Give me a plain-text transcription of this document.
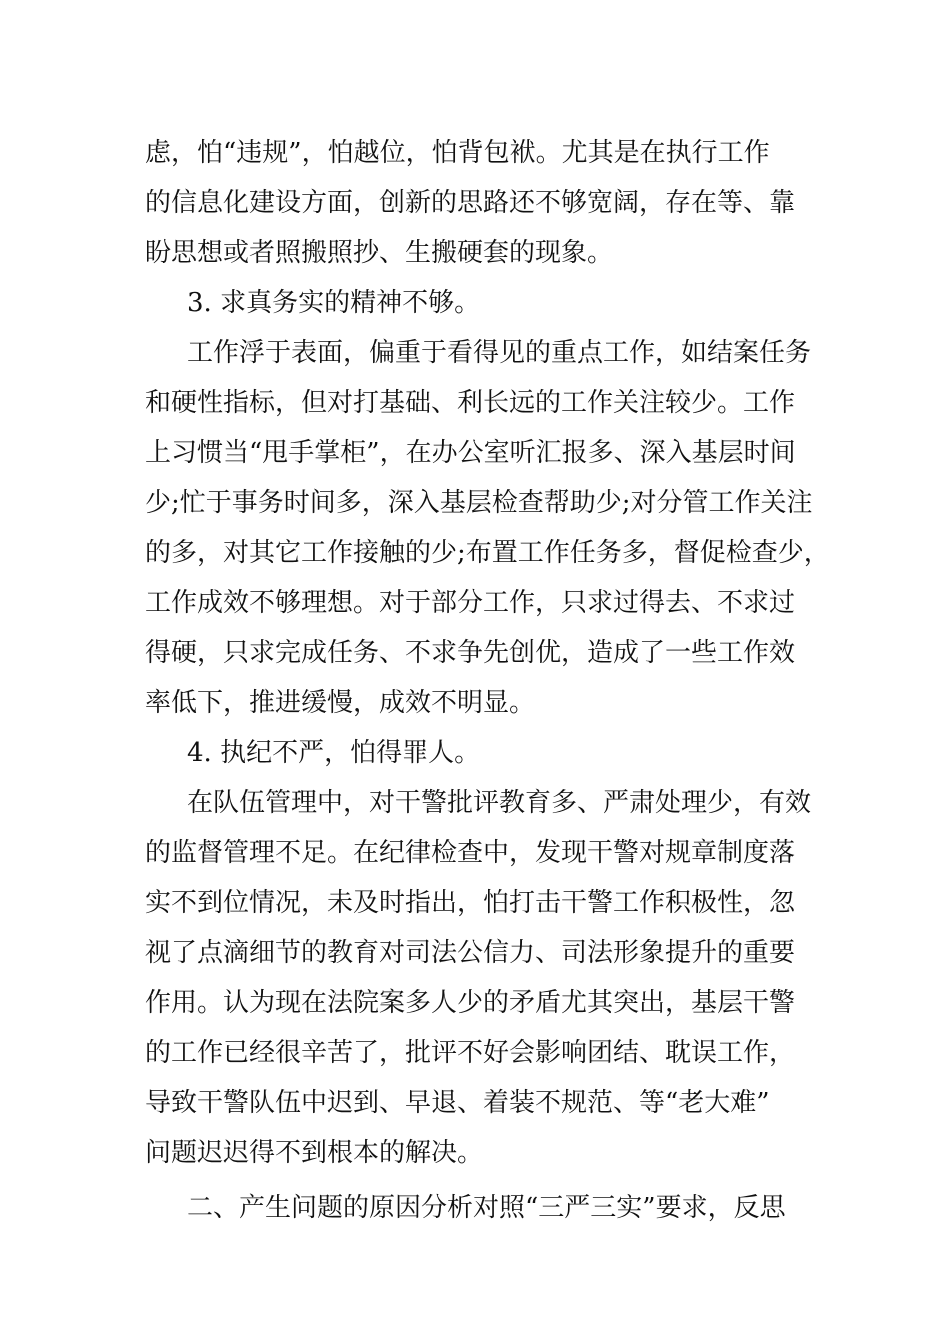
虑，怕“违规”，怕越位，怕背包袱。尤其是在执行工作
的信息化建设方面，创新的思路还不够宽阔，存在等、靠
盼思想或者照搬照抄、生搬硬套的现象。
3. 求真务实的精神不够。
工作浮于表面，偏重于看得见的重点工作，如结案任务
和硬性指标，但对打基础、利长远的工作关注较少。工作
上习惯当“甩手掌柜”，在办公室听汇报多、深入基层时间
少;忙于事务时间多，深入基层检查帮助少;对分管工作关注
的多，对其它工作接触的少;布置工作任务多，督促检查少，
工作成效不够理想。对于部分工作，只求过得去、不求过
得硬，只求完成任务、不求争先创优，造成了一些工作效
率低下，推进缓慢，成效不明显。
4. 执纪不严，怕得罪人。
在队伍管理中，对干警批评教育多、严肃处理少，有效
的监督管理不足。在纪律检查中，发现干警对规章制度落
实不到位情况，未及时指出，怕打击干警工作积极性，忽
视了点滴细节的教育对司法公信力、司法形象提升的重要
作用。认为现在法院案多人少的矛盾尤其突出，基层干警
的工作已经很辛苦了，批评不好会影响团结、耽误工作，
导致干警队伍中迟到、早退、着装不规范、等“老大难”
问题迟迟得不到根本的解决。
二、产生问题的原因分析对照“三严三实”要求，反思
